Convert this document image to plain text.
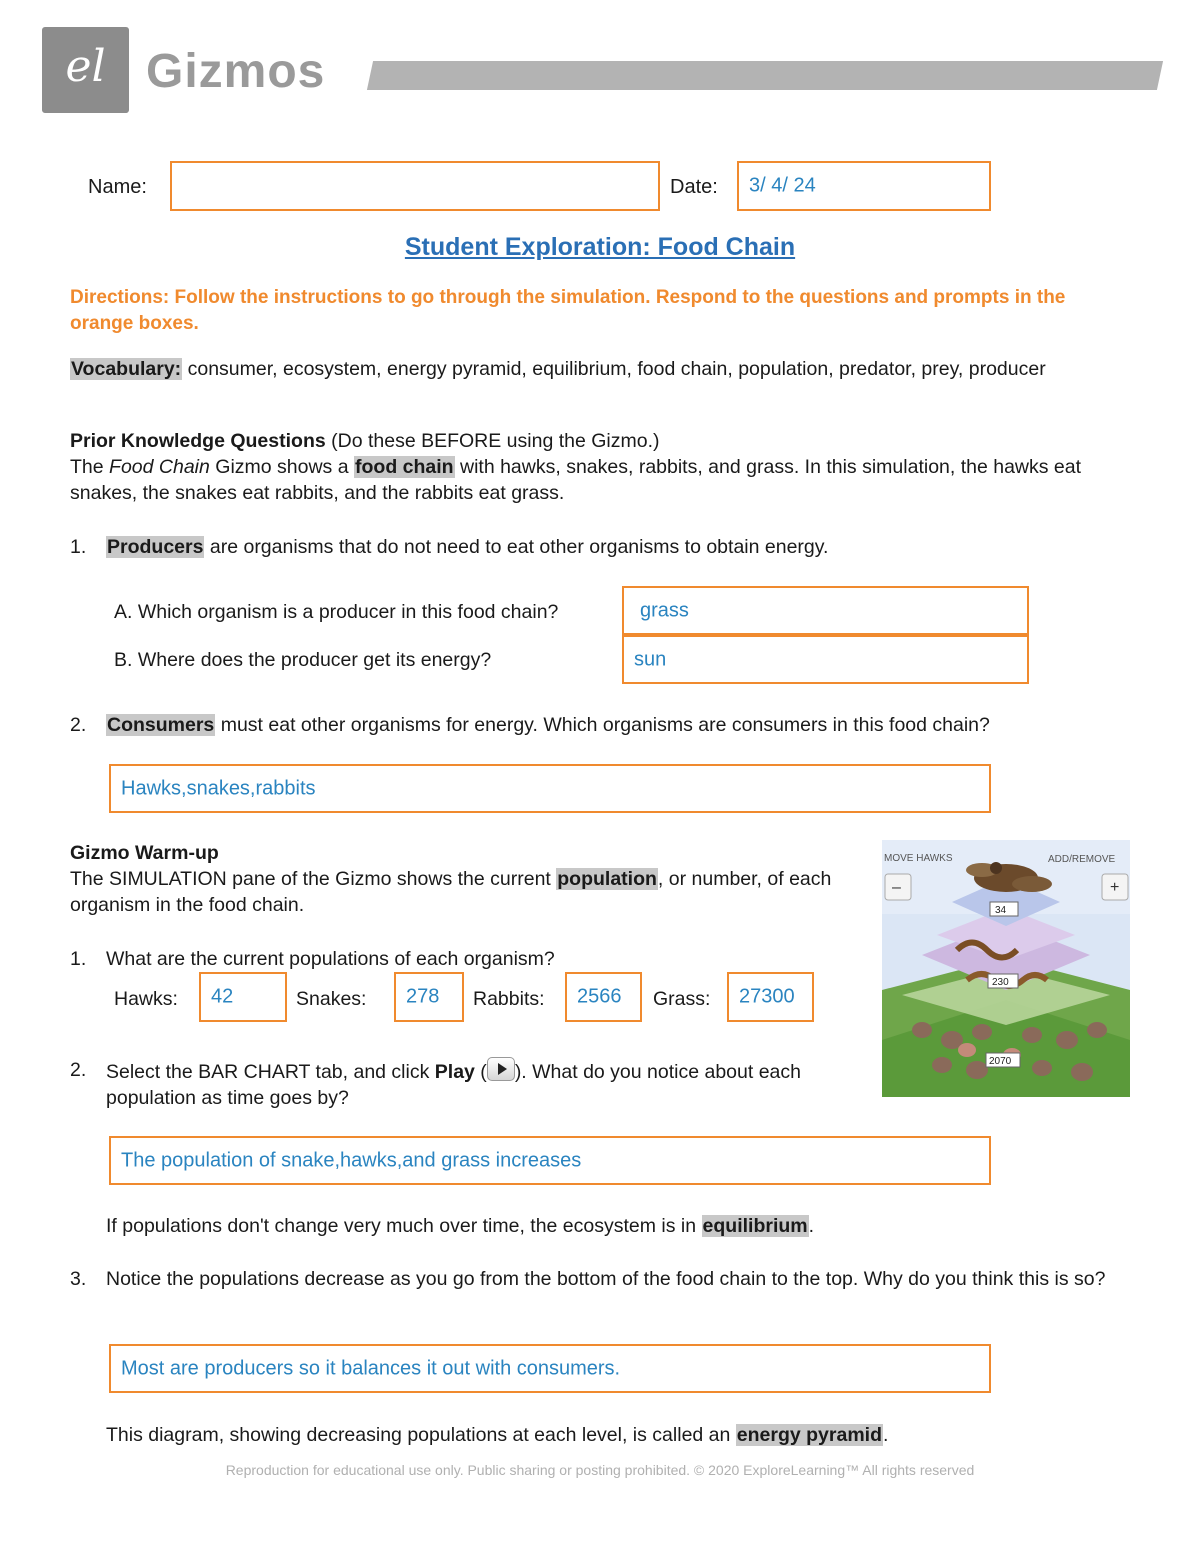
el Gizmos
Name:	Date: 3/ 4/ 24
Student Exploration: Food Chain
Directions: Follow the instructions to go through the simulation. Respond to the questions and prompts in the orange boxes.
Vocabulary: consumer, ecosystem, energy pyramid, equilibrium, food chain, population, predator, prey, producer
Prior Knowledge Questions (Do these BEFORE using the Gizmo.)
The Food Chain Gizmo shows a food chain with hawks, snakes, rabbits, and grass. In this simulation, the hawks eat snakes, the snakes eat rabbits, and the rabbits eat grass.
1. Producers are organisms that do not need to eat other organisms to obtain energy.
A. Which organism is a producer in this food chain?	grass
B. Where does the producer get its energy?	sun
2. Consumers must eat other organisms for energy. Which organisms are consumers in this food chain?
Hawks,snakes,rabbits
Gizmo Warm-up
The SIMULATION pane of the Gizmo shows the current population, or number, of each organism in the food chain.
1. What are the current populations of each organism?
Hawks: 42	Snakes: 278 Rabbits: 2566 Grass: 27300
2. Select the BAR CHART tab, and click Play ( ). What do you notice about each population as time goes by?
The population of snake,hawks,and grass increases
If populations don't change very much over time, the ecosystem is in equilibrium.
3. Notice the populations decrease as you go from the bottom of the food chain to the top. Why do you think this is so?
Most are producers so it balances it out with consumers.
This diagram, showing decreasing populations at each level, is called an energy pyramid.
MOVE HAWKS	ADD/REMOVE
–	+
34
230
2070
Reproduction for educational use only. Public sharing or posting prohibited. © 2020 ExploreLearning™ All rights reserved
